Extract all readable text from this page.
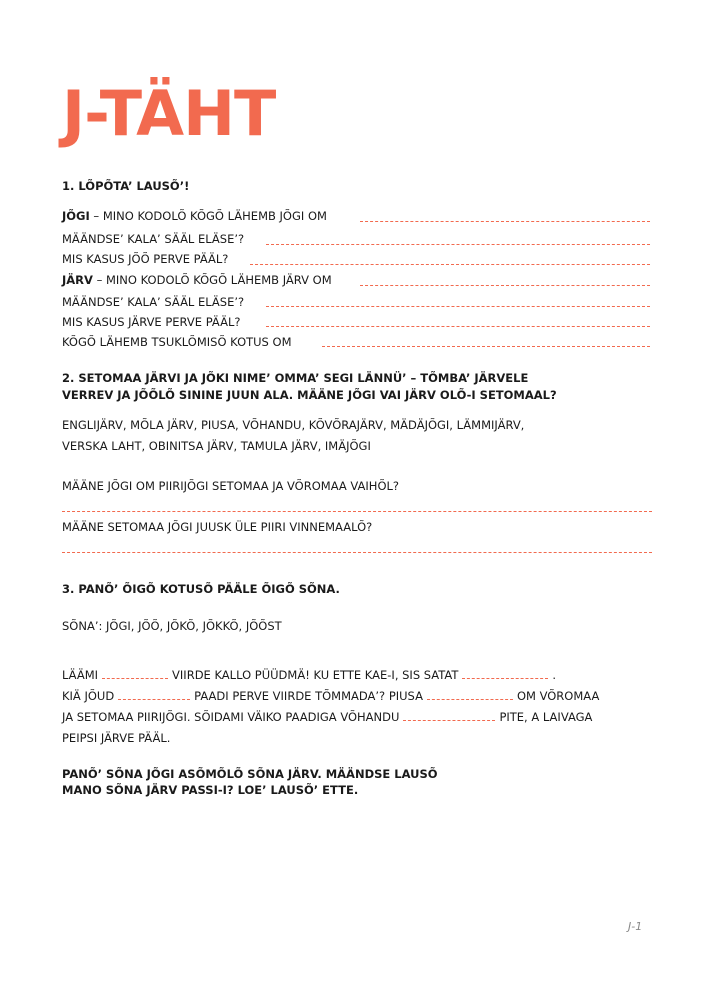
J-TÄHT
1. LÕPÕTA’ LAUSÕ’!
JÕGI – MINO KODOLÕ KÕGÕ LÄHEMB JÕGI OM
MÄÄNDSE’ KALA’ SÄÄL ELÄSE’?
MIS KASUS JÕÕ PERVE PÄÄL?
JÄRV – MINO KODOLÕ KÕGÕ LÄHEMB JÄRV OM
MÄÄNDSE’ KALA’ SÄÄL ELÄSE’?
MIS KASUS JÄRVE PERVE PÄÄL?
KÕGÕ LÄHEMB TSUKLÕMISÕ KOTUS OM
2. SETOMAA JÄRVI JA JÕKI NIME’ OMMA’ SEGI LÄNNÜ’ – TÕMBA’ JÄRVELE
VERREV JA JÕÕLÕ SININE JUUN ALA. MÄÄNE JÕGI VAI JÄRV OLÕ-I SETOMAAL?
ENGLIJÄRV, MÕLA JÄRV, PIUSA, VÕHANDU, KÕVÕRAJÄRV, MÄDÄJÕGI, LÄMMIJÄRV,
VERSKA LAHT, OBINITSA JÄRV, TAMULA JÄRV, IMÄJÕGI
MÄÄNE JÕGI OM PIIRIJÕGI SETOMAA JA VÕROMAA VAIHÕL?
MÄÄNE SETOMAA JÕGI JUUSK ÜLE PIIRI VINNEMAALÕ?
3. PANÕ’ ÕIGÕ KOTUSÕ PÄÄLE ÕIGÕ SÕNA.
SÕNA’: JÕGI, JÕÕ, JÕKÕ, JÕKKÕ, JÕÕST
LÄÄMI	VIIRDE KALLO PÜÜDMÄ! KU ETTE KAE-I, SIS SATAT	.
KIÄ JÕUD	PAADI PERVE VIIRDE TÕMMADA’? PIUSA	OM VÕROMAA
JA SETOMAA PIIRIJÕGI. SÕIDAMI VÄIKO PAADIGA VÕHANDU	PITE, A LAIVAGA
PEIPSI JÄRVE PÄÄL.
PANÕ’ SÕNA JÕGI ASÕMÕLÕ SÕNA JÄRV. MÄÄNDSE LAUSÕ
MANO SÕNA JÄRV PASSI-I? LOE’ LAUSÕ’ ETTE.
J-1
